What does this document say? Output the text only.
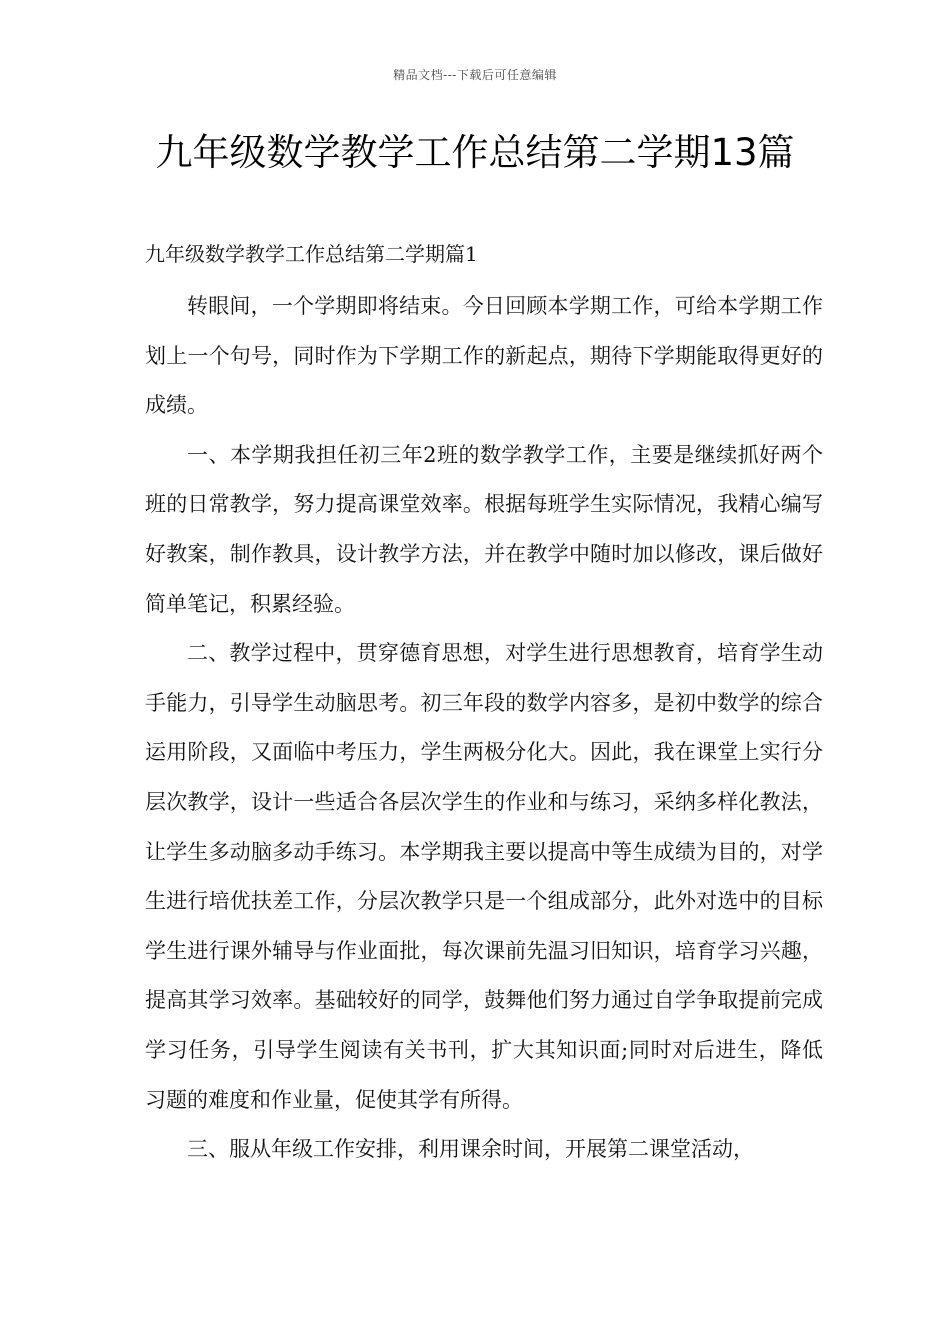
精品文档---下载后可任意编辑
九年级数学教学工作总结第二学期13篇
九年级数学教学工作总结第二学期篇1

转眼间，一个学期即将结束。今日回顾本学期工作，可给本学期工作划上一个句号，同时作为下学期工作的新起点，期待下学期能取得更好的成绩。

一、本学期我担任初三年2班的数学教学工作，主要是继续抓好两个班的日常教学，努力提高课堂效率。根据每班学生实际情况，我精心编写好教案，制作教具，设计教学方法，并在教学中随时加以修改，课后做好简单笔记，积累经验。

二、教学过程中，贯穿德育思想，对学生进行思想教育，培育学生动手能力，引导学生动脑思考。初三年段的数学内容多，是初中数学的综合运用阶段，又面临中考压力，学生两极分化大。因此，我在课堂上实行分层次教学，设计一些适合各层次学生的作业和与练习，采纳多样化教法，让学生多动脑多动手练习。本学期我主要以提高中等生成绩为目的，对学生进行培优扶差工作，分层次教学只是一个组成部分，此外对选中的目标学生进行课外辅导与作业面批，每次课前先温习旧知识，培育学习兴趣，提高其学习效率。基础较好的同学，鼓舞他们努力通过自学争取提前完成学习任务，引导学生阅读有关书刊，扩大其知识面;同时对后进生，降低习题的难度和作业量，促使其学有所得。

三、服从年级工作安排，利用课余时间，开展第二课堂活动，
